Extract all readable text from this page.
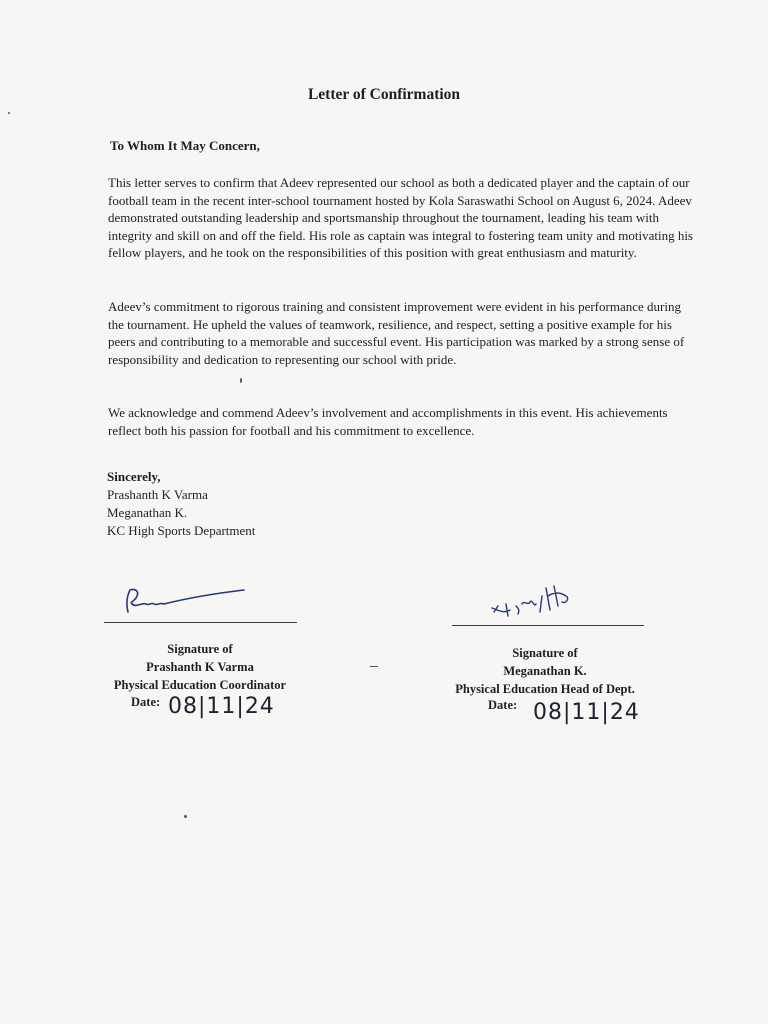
Letter of Confirmation
To Whom It May Concern,
This letter serves to confirm that Adeev represented our school as both a dedicated player and the captain of our football team in the recent inter-school tournament hosted by Kola Saraswathi School on August 6, 2024. Adeev demonstrated outstanding leadership and sportsmanship throughout the tournament, leading his team with integrity and skill on and off the field. His role as captain was integral to fostering team unity and motivating his fellow players, and he took on the responsibilities of this position with great enthusiasm and maturity.
Adeev’s commitment to rigorous training and consistent improvement were evident in his performance during the tournament. He upheld the values of teamwork, resilience, and respect, setting a positive example for his peers and contributing to a memorable and successful event. His participation was marked by a strong sense of responsibility and dedication to representing our school with pride.
We acknowledge and commend Adeev’s involvement and accomplishments in this event. His achievements reflect both his passion for football and his commitment to excellence.
Sincerely,
Prashanth K Varma
Meganathan K.
KC High Sports Department
Signature of
Prashanth K Varma
Physical Education Coordinator
Date: 08|11|24
Signature of
Meganathan K.
Physical Education Head of Dept.
Date: 08|11|24
